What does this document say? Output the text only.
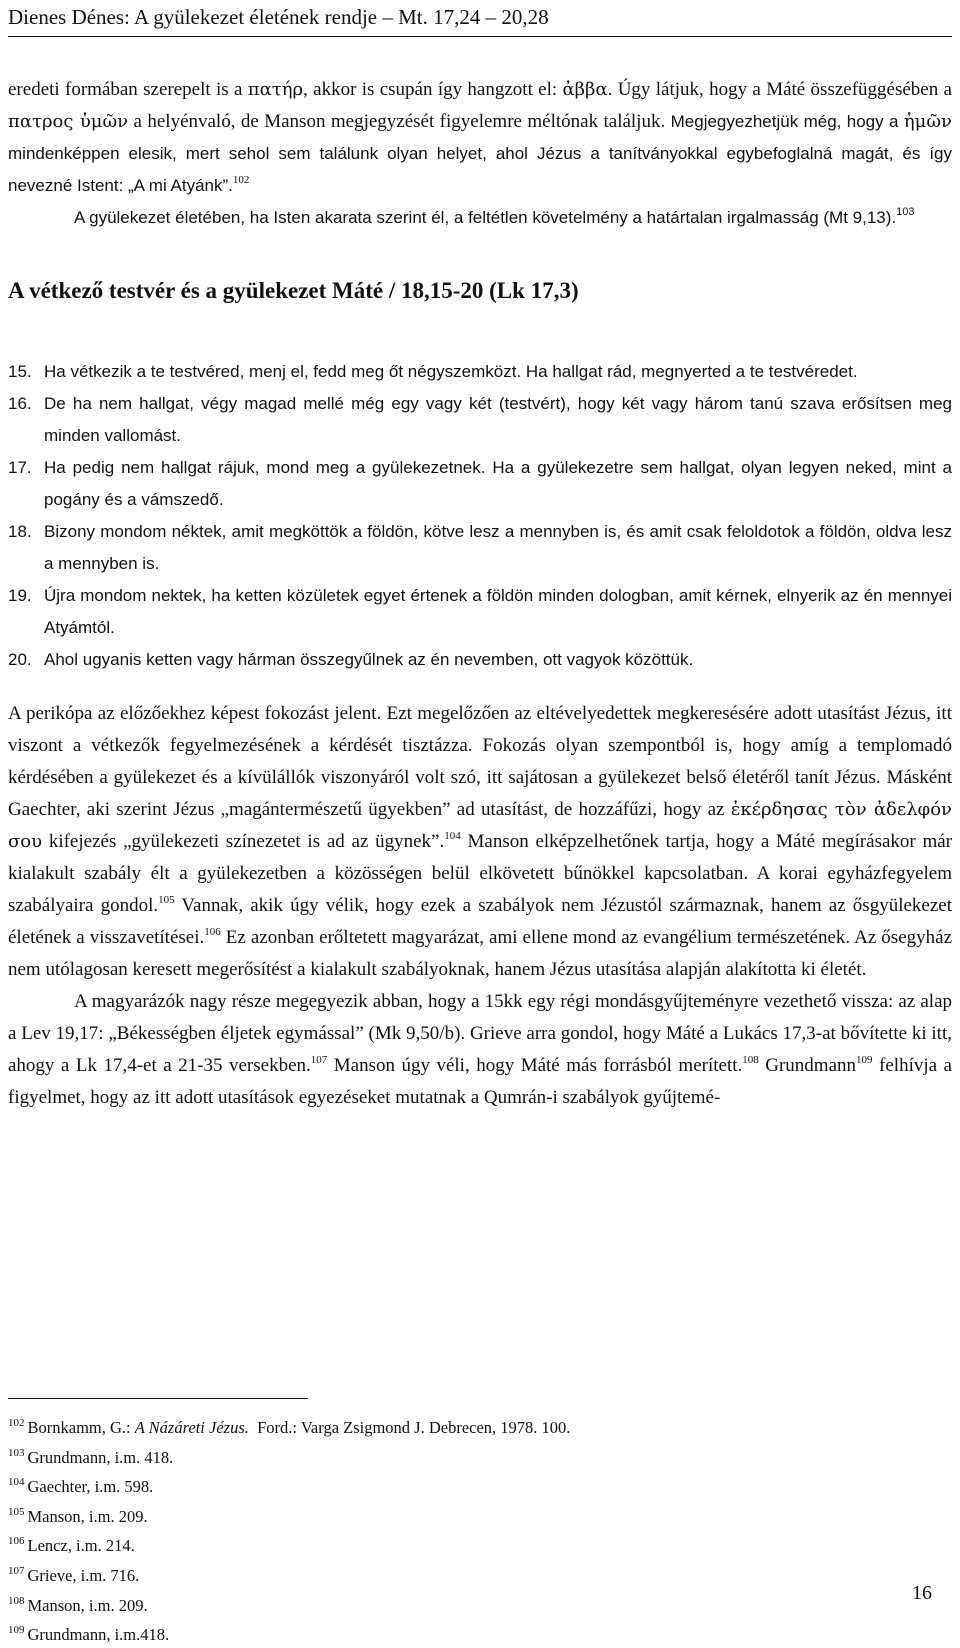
Dienes Dénes: A gyülekezet életének rendje – Mt. 17,24 – 20,28

eredeti formában szerepelt is a πατήρ, akkor is csupán így hangzott el: ἀββα. Úgy látjuk, hogy a Máté összefüggésében a πατρος ὑμῶν a helyénvaló, de Manson megjegyzését figyelemre méltónak találjuk. Megjegyezhetjük még, hogy a ἡμῶν mindenképpen elesik, mert sehol sem találunk olyan helyet, ahol Jézus a tanítványokkal egybefoglalná magát, és így nevezné Istent: „A mi Atyánk”.$^{102}$

A gyülekezet életében, ha Isten akarata szerint él, a feltétlen követelmény a határtalan irgalmasság (Mt 9,13).$^{103}$

A vétkező testvér és a gyülekezet Máté / 18,15-20 (Lk 17,3)
15. Ha vétkezik a te testvéred, menj el, fedd meg őt négyszemközt. Ha hallgat rád, megnyerted a te testvéredet.
16. De ha nem hallgat, végy magad mellé még egy vagy két (testvért), hogy két vagy három tanú szava erősítsen meg minden vallomást.
17. Ha pedig nem hallgat rájuk, mond meg a gyülekezetnek. Ha a gyülekezetre sem hallgat, olyan legyen neked, mint a pogány és a vámszedő.
18. Bizony mondom néktek, amit megköttök a földön, kötve lesz a mennyben is, és amit csak feloldotok a földön, oldva lesz a mennyben is.
19. Újra mondom nektek, ha ketten közületek egyet értenek a földön minden dologban, amit kérnek, elnyerik az én mennyei Atyámtól.
20. Ahol ugyanis ketten vagy hárman összegyűlnek az én nevemben, ott vagyok közöttük.

A perikópa az előzőekhez képest fokozást jelent. Ezt megelőzően az eltévelyedettek megkeresésére adott utasítást Jézus, itt viszont a vétkezők fegyelmezésének a kérdését tisztázza. Fokozás olyan szempontból is, hogy amíg a templomadó kérdésében a gyülekezet és a kívülállók viszonyáról volt szó, itt sajátosan a gyülekezet belső életéről tanít Jézus. Másként Gaechter, aki szerint Jézus „magántermészetű ügyekben” ad utasítást, de hozzáfűzi, hogy az ἐκέρδησας τὸν ἀδελφόν σου kifejezés „gyülekezeti színezetet is ad az ügynek”.$^{104}$ Manson elképzelhetőnek tartja, hogy a Máté megírásakor már kialakult szabály élt a gyülekezetben a közösségen belül elkövetett bűnökkel kapcsolatban. A korai egyházfegyelem szabályaira gondol.$^{105}$ Vannak, akik úgy vélik, hogy ezek a szabályok nem Jézustól származnak, hanem az ősgyülekezet életének a visszavetítései.$^{106}$ Ez azonban erőltetett magyarázat, ami ellene mond az evangélium természetének. Az ősegyház nem utólagosan keresett megerősítést a kialakult szabályoknak, hanem Jézus utasítása alapján alakította ki életét.

A magyarázók nagy része megegyezik abban, hogy a 15kk egy régi mondásgyűjteményre vezethető vissza: az alap a Lev 19,17: „Békességben éljetek egymással” (Mk 9,50/b). Grieve arra gondol, hogy Máté a Lukács 17,3-at bővítette ki itt, ahogy a Lk 17,4-et a 21-35 versekben.$^{107}$ Manson úgy véli, hogy Máté más forrásból merített.$^{108}$ Grundmann$^{109}$ felhívja a figyelmet, hogy az itt adott utasítások egyezéseket mutatnak a Qumrán-i szabályok gyűjtemé-

$^{102}$ Bornkamm, G.: A Názáreti Jézus.  Ford.: Varga Zsigmond J. Debrecen, 1978. 100.
$^{103}$ Grundmann, i.m. 418.
$^{104}$ Gaechter, i.m. 598.
$^{105}$ Manson, i.m. 209.
$^{106}$ Lencz, i.m. 214.
$^{107}$ Grieve, i.m. 716.
$^{108}$ Manson, i.m. 209.
$^{109}$ Grundmann, i.m.418.
16
